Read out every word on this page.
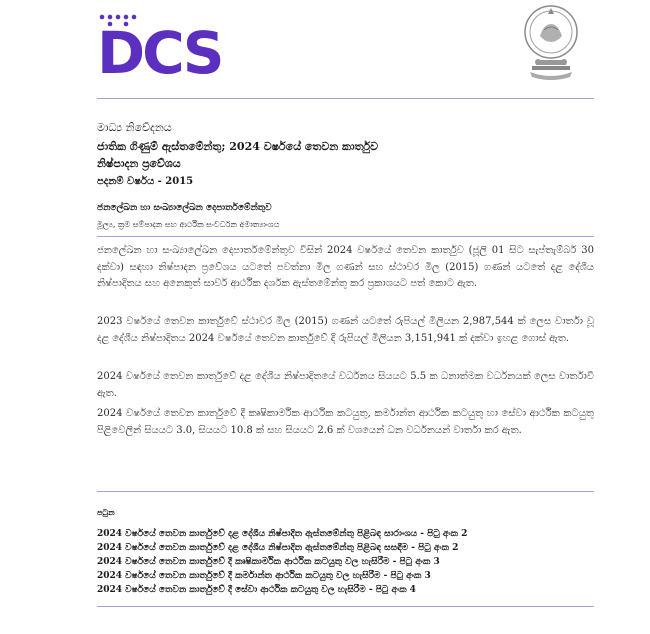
DCS
මාධ්‍ය නිවේදනය
ජාතික ගිණුම් ඇස්තමේන්තු; 2024 වර්ෂයේ තෙවන කාර්තුව
නිෂ්පාදන ප්‍රවේශය
පදනම් වර්ෂය - 2015
ජනලේඛන හා සංඛ්‍යාලේඛන දෙපාර්තමේන්තුව
මූල්‍ය, ක්‍රම සම්පාදන සහ ආර්ථික සංවර්ධන අමාත්‍යාංශය
ජනලේඛන හා සංඛ්‍යාලේඛන දෙපාර්තමේන්තුව විසින් 2024 වර්ෂයේ තෙවන කාර්තුව (ජූලි 01 සිට සැප්තැම්බර් 30 දක්වා) සඳහා නිෂ්පාදන ප්‍රවේශය යටතේ පවත්නා මිල ගණන් සහ ස්ථාවර මිල (2015) ගණන් යටතේ දළ දේශීය නිෂ්පාදිතය සහ අනෙකුත් සාර්ව ආර්ථික දර්ශක ඇස්තමේන්තු කර ප්‍රකාශයට පත් කොට ඇත.
2023 වර්ෂයේ තෙවන කාර්තුවේ ස්ථාවර මිල (2015) ගණන් යටතේ රුපියල් මිලියන 2,987,544 ක් ලෙස වාර්තා වූ දළ දේශීය නිෂ්පාදිතය 2024 වර්ෂයේ තෙවන කාර්තුවේ දී රුපියල් මිලියන 3,151,941 ක් දක්වා ඉහළ ගොස් ඇත.
2024 වර්ෂයේ තෙවන කාර්තුවේ දළ දේශීය නිෂ්පාදිතයේ වර්ධනය සියයට 5.5 ක ධනාත්මක වර්ධනයක් ලෙස වාර්තාවී ඇත.
2024 වර්ෂයේ තෙවන කාර්තුවේ දී කෘෂිකාර්මික ආර්ථික කටයුතු, කර්මාන්ත ආර්ථික කටයුතු හා සේවා ආර්ථික කටයුතු පිළිවෙලින් සියයට 3.0, සියයට 10.8 ක් සහ සියයට 2.6 ක් වශයෙන් ධන වර්ධනයන් වාර්තා කර ඇත.
පටුන
2024 වර්ෂයේ තෙවන කාර්තුවේ දළ දේශීය නිෂ්පාදිත ඇස්තමේන්තු පිළිබඳ සාරාංශය - පිටු අංක 2
2024 වර්ෂයේ තෙවන කාර්තුවේ දළ දේශීය නිෂ්පාදිත ඇස්තමේන්තු පිළිබඳ සසඳීම - පිටු අංක 2
2024 වර්ෂයේ තෙවන කාර්තුවේ දී කෘෂිකාර්මික ආර්ථික කටයුතු වල හැසිරීම - පිටු අංක 3
2024 වර්ෂයේ තෙවන කාර්තුවේ දී කර්මාන්ත ආර්ථික කටයුතු වල හැසිරීම - පිටු අංක 3
2024 වර්ෂයේ තෙවන කාර්තුවේ දී සේවා ආර්ථික කටයුතු වල හැසිරීම - පිටු අංක 4
